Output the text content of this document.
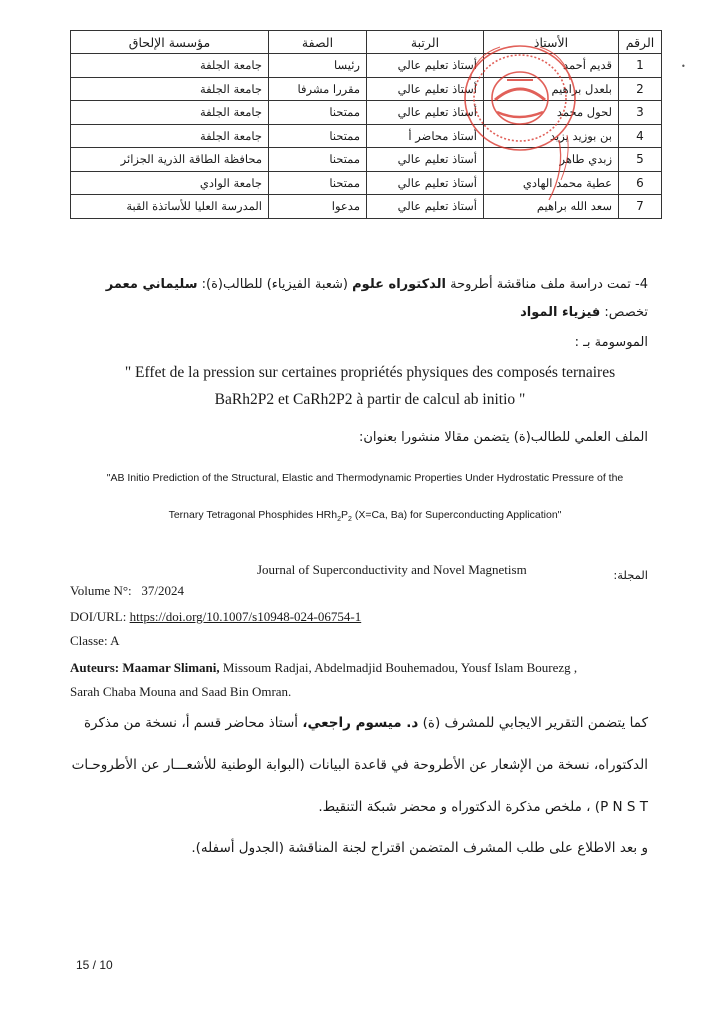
•
الرقم	الأستاذ	الرتبة	الصفة	مؤسسة الإلحاق
1	قديم أحمد	أستاذ تعليم عالي	رئيسا	جامعة الجلفة
2	بلعدل براهيم	أستاذ تعليم عالي	مقررا مشرفا	جامعة الجلفة
3	لحول محمد	أستاذ تعليم عالي	ممتحنا	جامعة الجلفة
4	بن بوزيد يزيد	أستاذ محاضر أ	ممتحنا	جامعة الجلفة
5	زبدي طاهر	أستاذ تعليم عالي	ممتحنا	محافظة الطاقة الذرية الجزائر
6	عطية محمد الهادي	أستاذ تعليم عالي	ممتحنا	جامعة الوادي
7	سعد الله براهيم	أستاذ تعليم عالي	مدعوا	المدرسة العليا للأساتذة القبة
4- تمت دراسة ملف مناقشة أطروحة الدكتوراه علوم (شعبة الفيزياء) للطالب(ة): سليماني معمر
تخصص: فيزياء المواد
الموسومة بـ :
" Effet de la pression sur certaines propriétés physiques des composés ternaires
BaRh2P2 et CaRh2P2 à partir de calcul ab initio "
الملف العلمي للطالب(ة) يتضمن مقالا منشورا بعنوان:
"AB Initio Prediction of the Structural, Elastic and Thermodynamic Properties Under Hydrostatic Pressure of the
Ternary Tetragonal Phosphides $HRh_2P_2$ (X=Ca, Ba) for Superconducting Application"
Journal of Superconductivity and Novel Magnetism	المجلة:
Volume N°: 37/2024
DOI/URL: https://doi.org/10.1007/s10948-024-06754-1
Classe: A
Auteurs: Maamar Slimani, Missoum Radjai, Abdelmadjid Bouhemadou, Yousf Islam Bourezg ,
Sarah Chaba Mouna and Saad Bin Omran.
كما يتضمن التقرير الايجابي للمشرف (ة) د. ميسوم راجعي، أستاذ محاضر قسم أ، نسخة من مذكرة
الدكتوراه، نسخة من الإشعار عن الأطروحة في قاعدة البيانات (البوابة الوطنية للأشعـــار عن الأطروحـات
P N S T) ، ملخص مذكرة الدكتوراه و محضر شبكة التنقيط.
و بعد الاطلاع على طلب المشرف المتضمن اقتراح لجنة المناقشة (الجدول أسفله).
15 / 10
